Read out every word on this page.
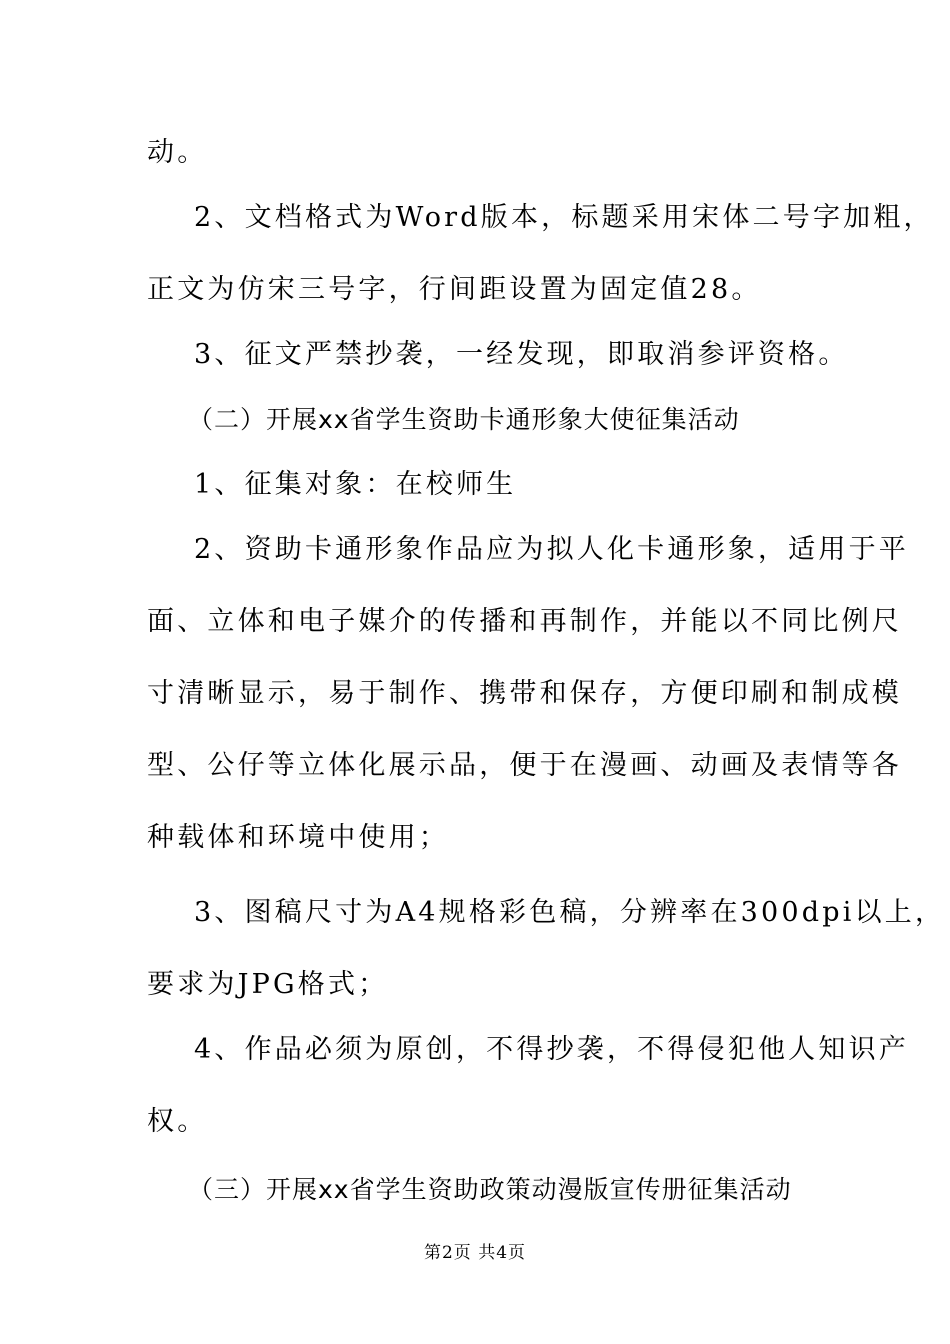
动。
2、文档格式为Word版本，标题采用宋体二号字加粗，
正文为仿宋三号字，行间距设置为固定值28。
3、征文严禁抄袭，一经发现，即取消参评资格。
（二）开展xx省学生资助卡通形象大使征集活动
1、征集对象：在校师生
2、资助卡通形象作品应为拟人化卡通形象，适用于平
面、立体和电子媒介的传播和再制作，并能以不同比例尺
寸清晰显示，易于制作、携带和保存，方便印刷和制成模
型、公仔等立体化展示品，便于在漫画、动画及表情等各
种载体和环境中使用；
3、图稿尺寸为A4规格彩色稿，分辨率在300dpi以上，
要求为JPG格式；
4、作品必须为原创，不得抄袭，不得侵犯他人知识产
权。
（三）开展xx省学生资助政策动漫版宣传册征集活动
第2页 共4页
